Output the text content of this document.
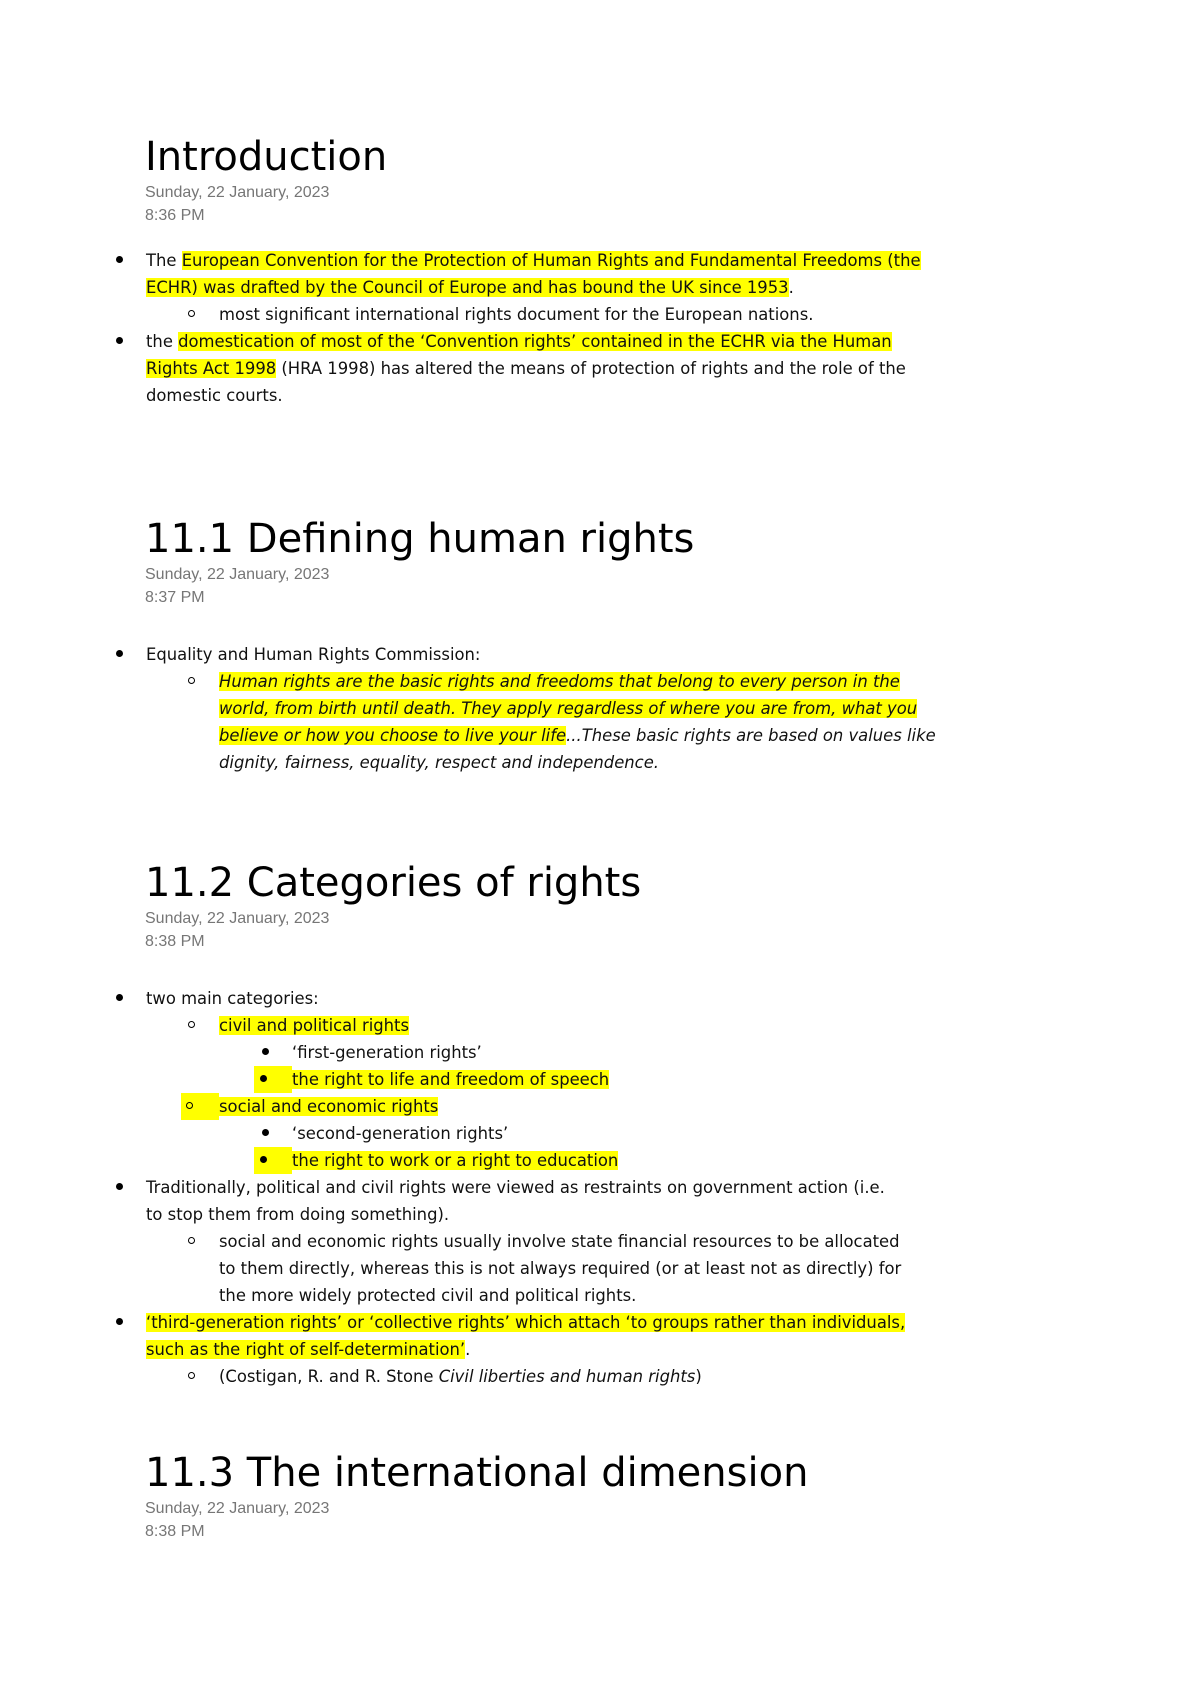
Introduction

Sunday, 22 January, 2023

8:36 PM

The European Convention for the Protection of Human Rights and Fundamental Freedoms (the ECHR) was drafted by the Council of Europe and has bound the UK since 1953.
most significant international rights document for the European nations.
the domestication of most of the ‘Convention rights’ contained in the ECHR via the Human Rights Act 1998 (HRA 1998) has altered the means of protection of rights and the role of the domestic courts.
11.1 Defining human rights

Sunday, 22 January, 2023

8:37 PM

Equality and Human Rights Commission:
Human rights are the basic rights and freedoms that belong to every person in the world, from birth until death. They apply regardless of where you are from, what you believe or how you choose to live your life...These basic rights are based on values like dignity, fairness, equality, respect and independence.
11.2 Categories of rights

Sunday, 22 January, 2023

8:38 PM

two main categories:
civil and political rights
‘first-generation rights’
the right to life and freedom of speech
social and economic rights
‘second-generation rights’
the right to work or a right to education
Traditionally, political and civil rights were viewed as restraints on government action (i.e. to stop them from doing something).
social and economic rights usually involve state financial resources to be allocated to them directly, whereas this is not always required (or at least not as directly) for the more widely protected civil and political rights.
‘third-generation rights’ or ‘collective rights’ which attach ‘to groups rather than individuals, such as the right of self-determination’.
(Costigan, R. and R. Stone Civil liberties and human rights)
11.3 The international dimension

Sunday, 22 January, 2023

8:38 PM
